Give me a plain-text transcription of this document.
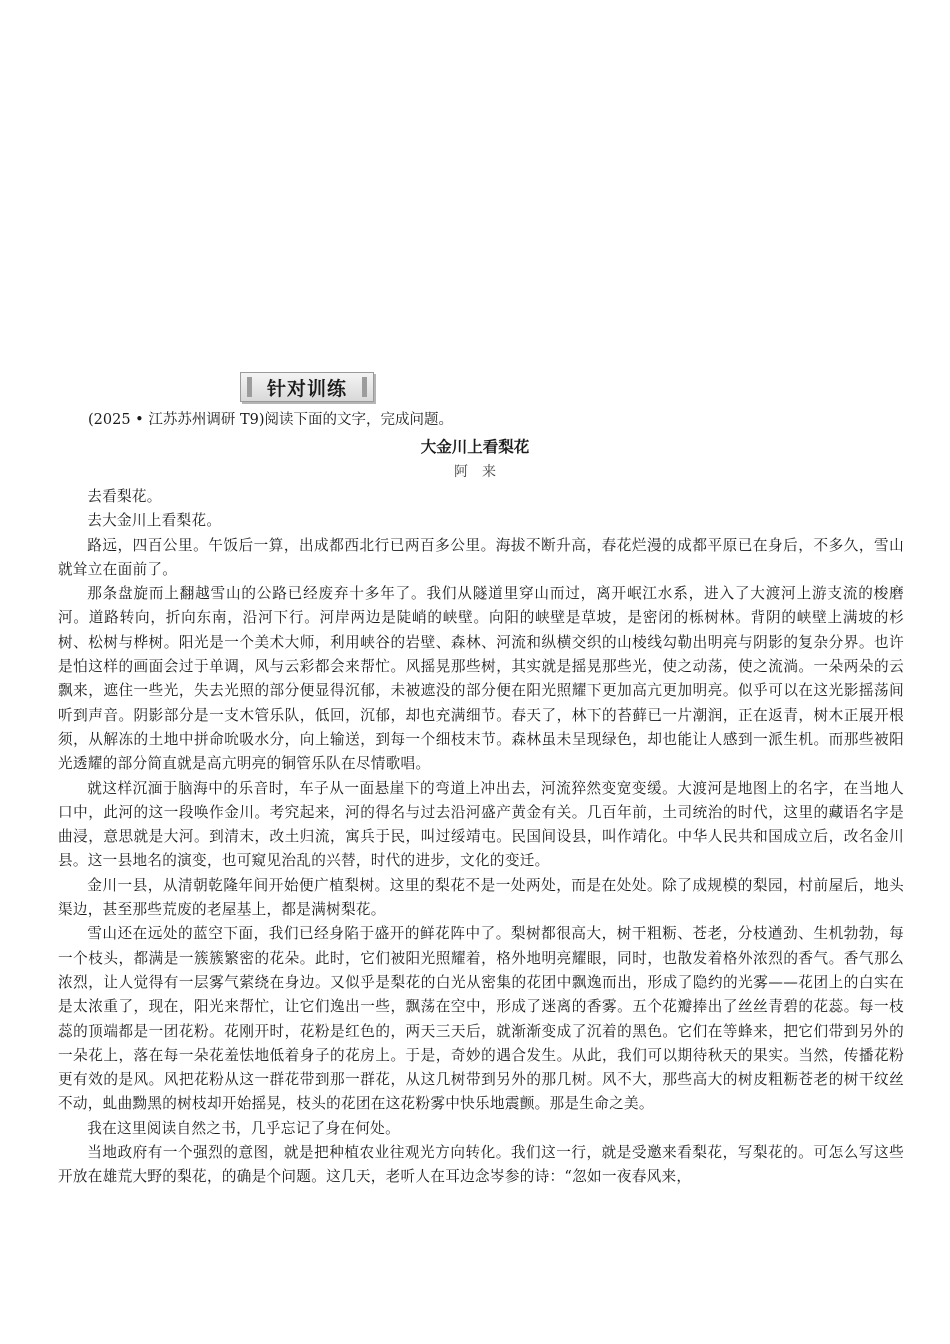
针对训练
(2025 • 江苏苏州调研 T9)阅读下面的文字，完成问题。
大金川上看梨花
阿　来

去看梨花。

去大金川上看梨花。

路远，四百公里。午饭后一算，出成都西北行已两百多公里。海拔不断升高，春花烂漫的成都平原已在身后，不多久，雪山就耸立在面前了。

那条盘旋而上翻越雪山的公路已经废弃十多年了。我们从隧道里穿山而过，离开岷江水系，进入了大渡河上游支流的梭磨河。道路转向，折向东南，沿河下行。河岸两边是陡峭的峡壁。向阳的峡壁是草坡，是密闭的栎树林。背阴的峡壁上满坡的杉树、松树与桦树。阳光是一个美术大师，利用峡谷的岩壁、森林、河流和纵横交织的山棱线勾勒出明亮与阴影的复杂分界。也许是怕这样的画面会过于单调，风与云彩都会来帮忙。风摇晃那些树，其实就是摇晃那些光，使之动荡，使之流淌。一朵两朵的云飘来，遮住一些光，失去光照的部分便显得沉郁，未被遮没的部分便在阳光照耀下更加高亢更加明亮。似乎可以在这光影摇荡间听到声音。阴影部分是一支木管乐队，低回，沉郁，却也充满细节。春天了，林下的苔藓已一片潮润，正在返青，树木正展开根须，从解冻的土地中拼命吮吸水分，向上输送，到每一个细枝末节。森林虽未呈现绿色，却也能让人感到一派生机。而那些被阳光透耀的部分简直就是高亢明亮的铜管乐队在尽情歌唱。

就这样沉湎于脑海中的乐音时，车子从一面悬崖下的弯道上冲出去，河流猝然变宽变缓。大渡河是地图上的名字，在当地人口中，此河的这一段唤作金川。考究起来，河的得名与过去沿河盛产黄金有关。几百年前，土司统治的时代，这里的藏语名字是曲浸，意思就是大河。到清末，改土归流，寓兵于民，叫过绥靖屯。民国间设县，叫作靖化。中华人民共和国成立后，改名金川县。这一县地名的演变，也可窥见治乱的兴替，时代的进步，文化的变迁。

金川一县，从清朝乾隆年间开始便广植梨树。这里的梨花不是一处两处，而是在处处。除了成规模的梨园，村前屋后，地头渠边，甚至那些荒废的老屋基上，都是满树梨花。

雪山还在远处的蓝空下面，我们已经身陷于盛开的鲜花阵中了。梨树都很高大，树干粗粝、苍老，分枝遒劲、生机勃勃，每一个枝头，都满是一簇簇繁密的花朵。此时，它们被阳光照耀着，格外地明亮耀眼，同时，也散发着格外浓烈的香气。香气那么浓烈，让人觉得有一层雾气萦绕在身边。又似乎是梨花的白光从密集的花团中飘逸而出，形成了隐约的光雾——花团上的白实在是太浓重了，现在，阳光来帮忙，让它们逸出一些，飘荡在空中，形成了迷离的香雾。五个花瓣捧出了丝丝青碧的花蕊。每一枝蕊的顶端都是一团花粉。花刚开时，花粉是红色的，两天三天后，就渐渐变成了沉着的黑色。它们在等蜂来，把它们带到另外的一朵花上，落在每一朵花羞怯地低着身子的花房上。于是，奇妙的遇合发生。从此，我们可以期待秋天的果实。当然，传播花粉更有效的是风。风把花粉从这一群花带到那一群花，从这几树带到另外的那几树。风不大，那些高大的树皮粗粝苍老的树干纹丝不动，虬曲黝黑的树枝却开始摇晃，枝头的花团在这花粉雾中快乐地震颤。那是生命之美。

我在这里阅读自然之书，几乎忘记了身在何处。

当地政府有一个强烈的意图，就是把种植农业往观光方向转化。我们这一行，就是受邀来看梨花，写梨花的。可怎么写这些开放在雄荒大野的梨花，的确是个问题。这几天，老听人在耳边念岑参的诗：“忽如一夜春风来，
